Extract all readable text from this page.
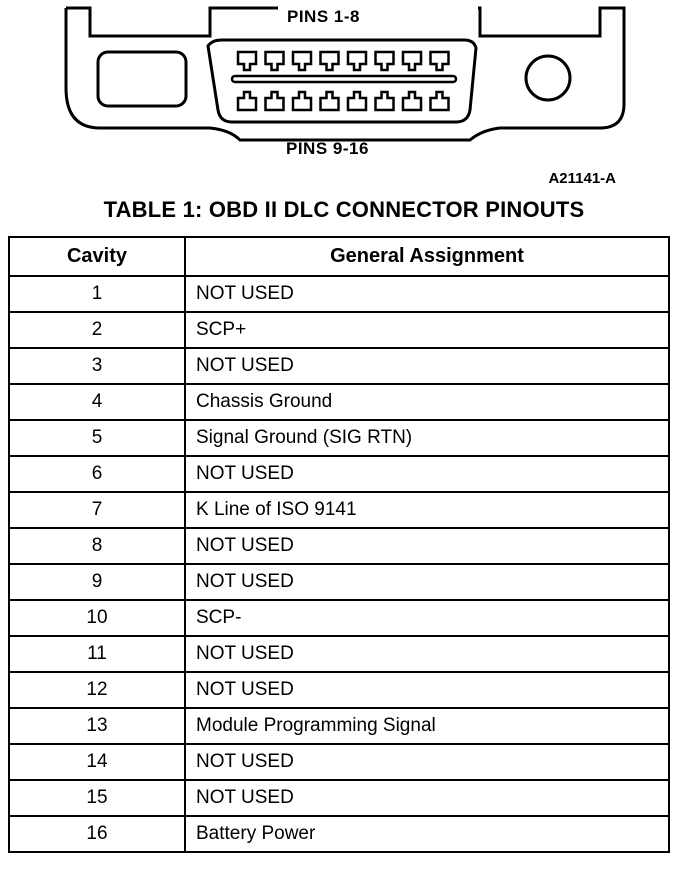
PINS 1-8
PINS 9-16
A21141-A
TABLE 1: OBD II DLC CONNECTOR PINOUTS
Cavity	General Assignment
1	NOT USED
2	SCP+
3	NOT USED
4	Chassis Ground
5	Signal Ground (SIG RTN)
6	NOT USED
7	K Line of ISO 9141
8	NOT USED
9	NOT USED
10	SCP-
11	NOT USED
12	NOT USED
13	Module Programming Signal
14	NOT USED
15	NOT USED
16	Battery Power
